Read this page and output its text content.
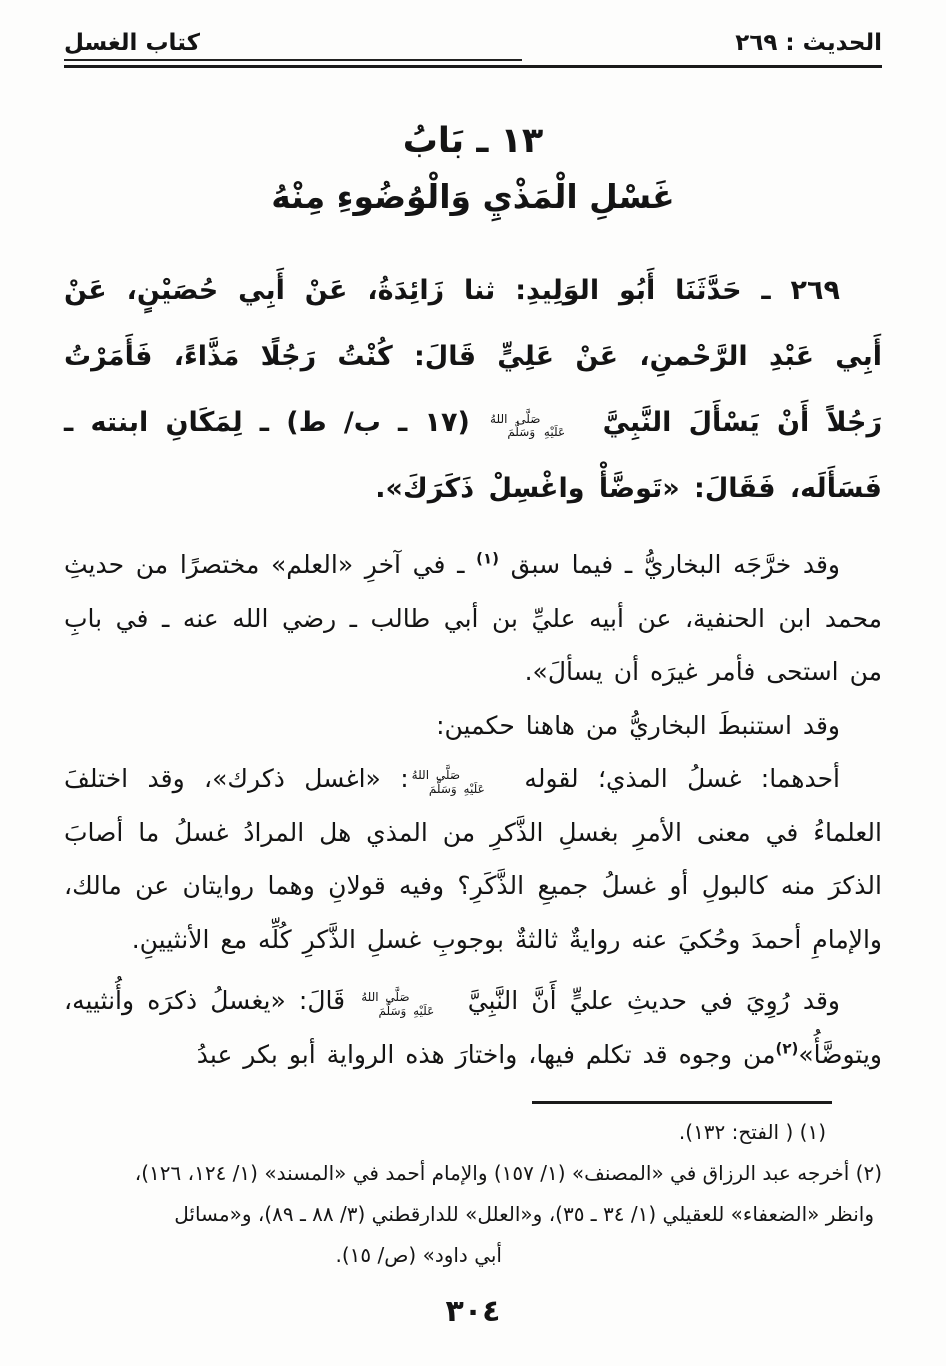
الحديث : ٢٦٩
كتاب الغسل
١٣ ـ بَابُ
غَسْلِ الْمَذْيِ وَالْوُضُوءِ مِنْهُ

٢٦٩ ـ حَدَّثَنَا أَبُو الوَلِيدِ: ثنا زَائِدَةُ، عَنْ أَبِي حُصَيْنٍ، عَنْ أَبِي عَبْدِ الرَّحْمنِ، عَنْ عَلِيٍّ قَالَ: كُنْتُ رَجُلًا مَذَّاءً، فَأَمَرْتُ رَجُلاً أَنْ يَسْأَلَ النَّبِيَّ صَلَّى اللهُ
عَلَيْهِ وَسَلَّمَ (١٧ ـ ب/ ط) ـ لِمَكَانِ ابنته ـ فَسَأَلَه، فَقَالَ: «تَوضَّأْ واغْسِلْ ذَكَرَكَ».

وقد خرَّجَه البخاريُّ ـ فيما سبق $^{(١)}$ ـ في آخرِ «العلم» مختصرًا من حديثِ محمد ابن الحنفية، عن أبيه عليِّ بن أبي طالب ـ رضي الله عنه ـ في بابِ من استحى فأمر غيرَه أن يسألَ».

وقد استنبطَ البخاريُّ من هاهنا حكمين:

أحدهما: غسلُ المذي؛ لقوله صَلَّى اللهُ
عَلَيْهِ وَسَلَّمَ: «اغسل ذكرك»، وقد اختلفَ العلماءُ في معنى الأمرِ بغسلِ الذَّكرِ من المذي هل المرادُ غسلُ ما أصابَ الذكرَ منه كالبولِ أو غسلُ جميعِ الذَّكَرِ؟ وفيه قولانِ وهما روايتان عن مالك، والإمامِ أحمدَ وحُكيَ عنه روايةٌ ثالثةٌ بوجوبِ غسلِ الذَّكرِ كُلِّه مع الأنثيينِ.

وقد رُوِيَ في حديثِ عليٍّ أَنَّ النَّبِيَّ صَلَّى اللهُ
عَلَيْهِ وَسَلَّمَ قَالَ: «يغسلُ ذكرَه وأُنثييه، ويتوضَّأُ»$^{(٢)}$من وجوه قد تكلم فيها، واختارَ هذه الرواية أبو بكر عبدُ

(١) ( الفتح: ١٣٢).
(٢) أخرجه عبد الرزاق في «المصنف» (١/ ١٥٧) والإمام أحمد في «المسند» (١/ ١٢٤، ١٢٦)،
وانظر «الضعفاء» للعقيلي (١/ ٣٤ ـ ٣٥)، و«العلل» للدارقطني (٣/ ٨٨ ـ ٨٩)، و«مسائل
أبي داود» (ص/ ١٥).
٣٠٤
